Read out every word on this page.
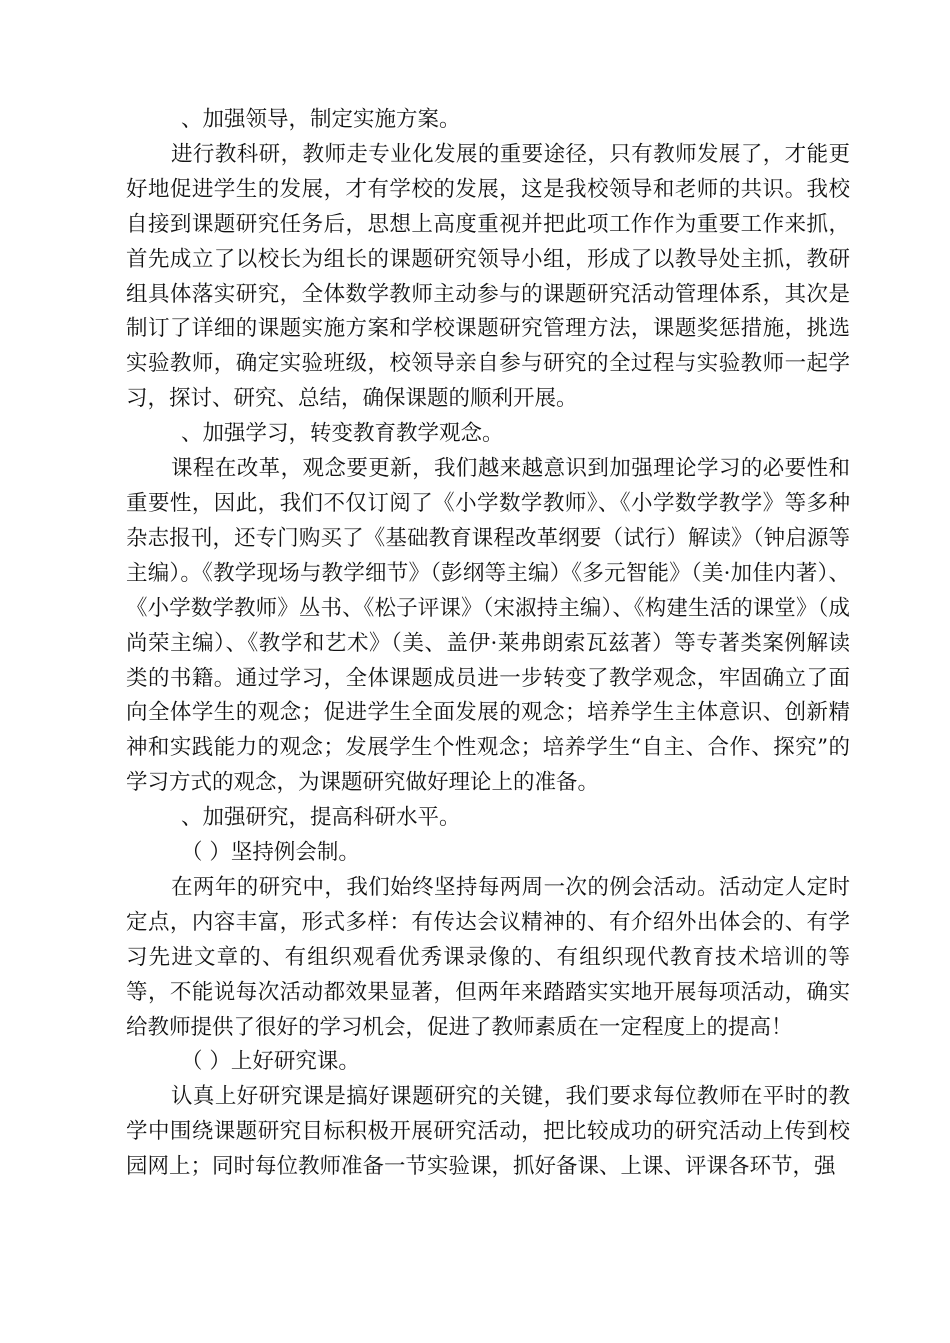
、加强领导，制定实施方案。

进行教科研，教师走专业化发展的重要途径，只有教师发展了，才能更好地促进学生的发展，才有学校的发展，这是我校领导和老师的共识。我校自接到课题研究任务后，思想上高度重视并把此项工作作为重要工作来抓，首先成立了以校长为组长的课题研究领导小组，形成了以教导处主抓，教研组具体落实研究，全体数学教师主动参与的课题研究活动管理体系，其次是制订了详细的课题实施方案和学校课题研究管理方法，课题奖惩措施，挑选实验教师，确定实验班级，校领导亲自参与研究的全过程与实验教师一起学习，探讨、研究、总结，确保课题的顺利开展。

、加强学习，转变教育教学观念。

课程在改革，观念要更新，我们越来越意识到加强理论学习的必要性和重要性，因此，我们不仅订阅了《小学数学教师》、《小学数学教学》等多种杂志报刊，还专门购买了《基础教育课程改革纲要（试行）解读》（钟启源等主编）。《教学现场与教学细节》（彭纲等主编）《多元智能》（美·加佳内著）、《小学数学教师》丛书、《松子评课》（宋淑持主编）、《构建生活的课堂》（成尚荣主编）、《教学和艺术》（美、盖伊·莱弗朗索瓦兹著）等专著类案例解读类的书籍。通过学习，全体课题成员进一步转变了教学观念，牢固确立了面向全体学生的观念；促进学生全面发展的观念；培养学生主体意识、创新精神和实践能力的观念；发展学生个性观念；培养学生“自主、合作、探究”的学习方式的观念，为课题研究做好理论上的准备。

、加强研究，提高科研水平。

（ ）坚持例会制。

在两年的研究中，我们始终坚持每两周一次的例会活动。活动定人定时定点，内容丰富，形式多样：有传达会议精神的、有介绍外出体会的、有学习先进文章的、有组织观看优秀课录像的、有组织现代教育技术培训的等等，不能说每次活动都效果显著，但两年来踏踏实实地开展每项活动，确实给教师提供了很好的学习机会，促进了教师素质在一定程度上的提高！

（ ）上好研究课。

认真上好研究课是搞好课题研究的关键，我们要求每位教师在平时的教学中围绕课题研究目标积极开展研究活动，把比较成功的研究活动上传到校园网上；同时每位教师准备一节实验课，抓好备课、上课、评课各环节，强
